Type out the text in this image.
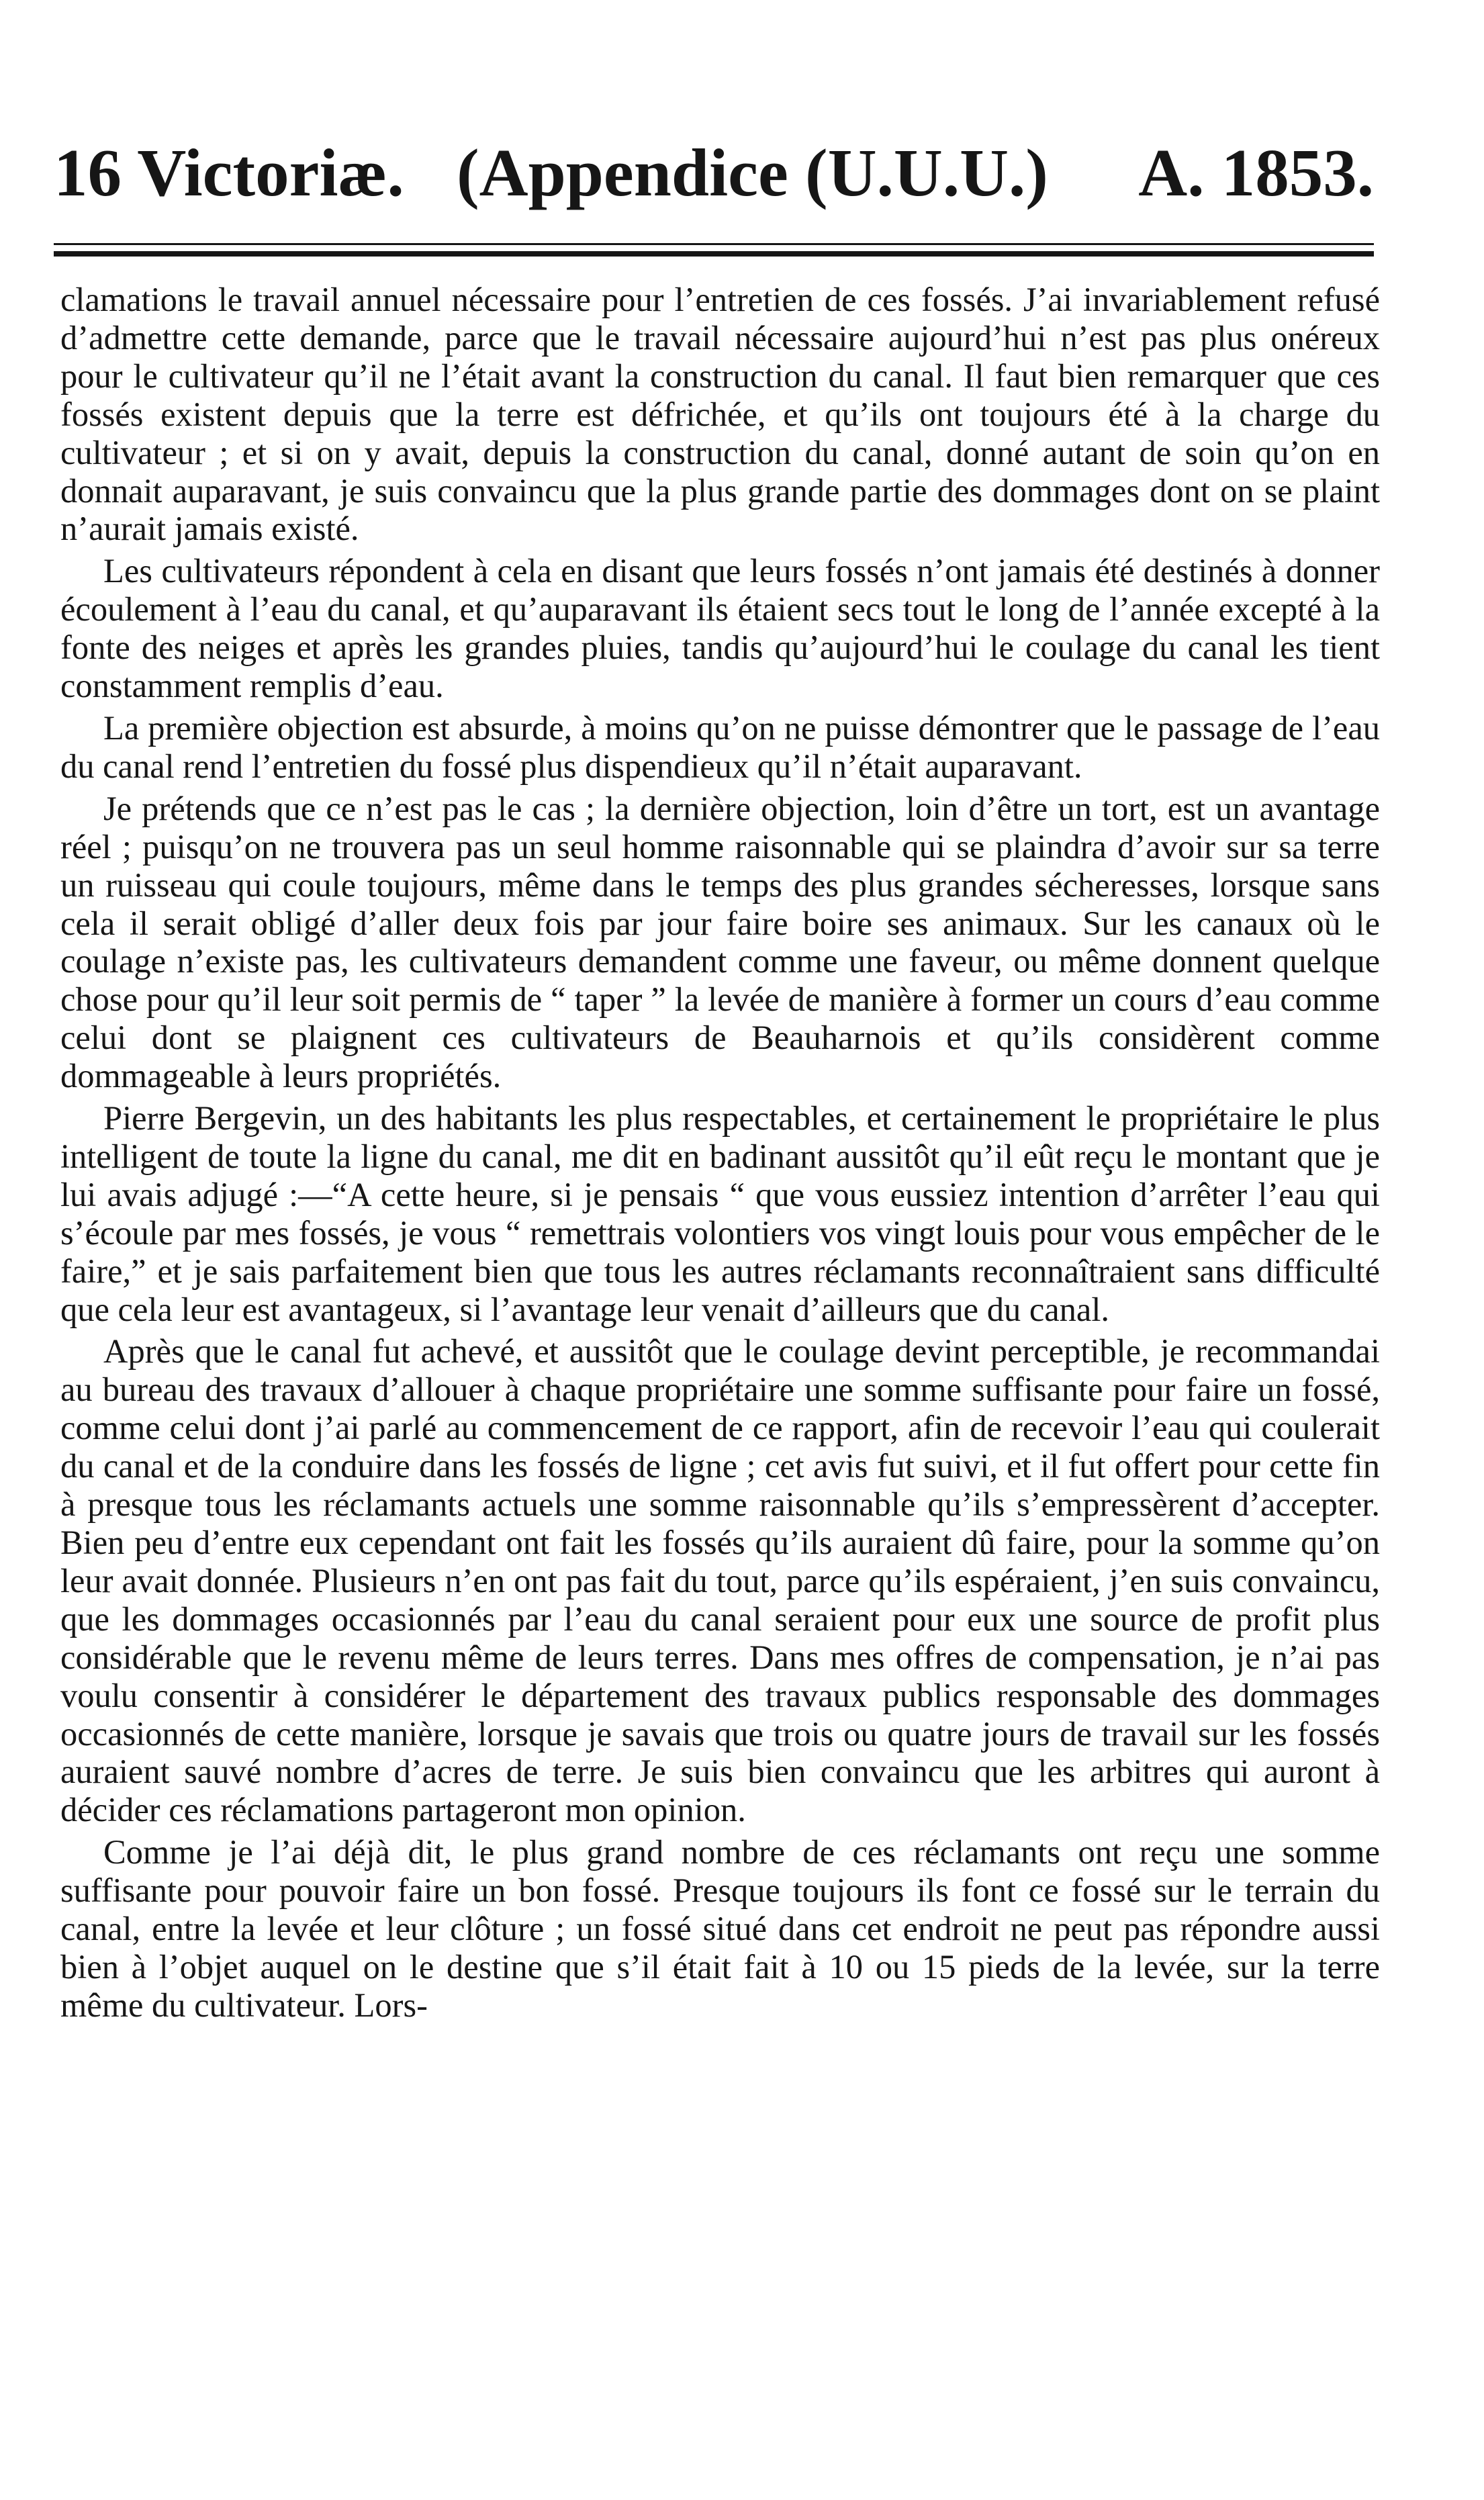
16 Victoriæ. (Appendice (U.U.U.) A. 1853.

clamations le travail annuel nécessaire pour l’entretien de ces fossés. J’ai invariablement refusé d’admettre cette demande, parce que le travail nécessaire aujourd’hui n’est pas plus onéreux pour le cultivateur qu’il ne l’était avant la construction du canal. Il faut bien remarquer que ces fossés existent depuis que la terre est défrichée, et qu’ils ont toujours été à la charge du cultivateur ; et si on y avait, depuis la construction du canal, donné autant de soin qu’on en donnait auparavant, je suis convaincu que la plus grande partie des dommages dont on se plaint n’aurait jamais existé.

Les cultivateurs répondent à cela en disant que leurs fossés n’ont jamais été destinés à donner écoulement à l’eau du canal, et qu’auparavant ils étaient secs tout le long de l’année excepté à la fonte des neiges et après les grandes pluies, tandis qu’aujourd’hui le coulage du canal les tient constamment remplis d’eau.

La première objection est absurde, à moins qu’on ne puisse démontrer que le passage de l’eau du canal rend l’entretien du fossé plus dispendieux qu’il n’était auparavant.

Je prétends que ce n’est pas le cas ; la dernière objection, loin d’être un tort, est un avantage réel ; puisqu’on ne trouvera pas un seul homme raisonnable qui se plaindra d’avoir sur sa terre un ruisseau qui coule toujours, même dans le temps des plus grandes sécheresses, lorsque sans cela il serait obligé d’aller deux fois par jour faire boire ses animaux. Sur les canaux où le coulage n’existe pas, les cultivateurs demandent comme une faveur, ou même donnent quelque chose pour qu’il leur soit permis de “ taper ” la levée de manière à former un cours d’eau comme celui dont se plaignent ces cultivateurs de Beauharnois et qu’ils considèrent comme dommageable à leurs propriétés.

Pierre Bergevin, un des habitants les plus respectables, et certainement le propriétaire le plus intelligent de toute la ligne du canal, me dit en badinant aussitôt qu’il eût reçu le montant que je lui avais adjugé :—“A cette heure, si je pensais “ que vous eussiez intention d’arrêter l’eau qui s’écoule par mes fossés, je vous “ remettrais volontiers vos vingt louis pour vous empêcher de le faire,” et je sais parfaitement bien que tous les autres réclamants reconnaîtraient sans difficulté que cela leur est avantageux, si l’avantage leur venait d’ailleurs que du canal.

Après que le canal fut achevé, et aussitôt que le coulage devint perceptible, je recommandai au bureau des travaux d’allouer à chaque propriétaire une somme suffisante pour faire un fossé, comme celui dont j’ai parlé au commencement de ce rapport, afin de recevoir l’eau qui coulerait du canal et de la conduire dans les fossés de ligne ; cet avis fut suivi, et il fut offert pour cette fin à presque tous les réclamants actuels une somme raisonnable qu’ils s’empressèrent d’accepter. Bien peu d’entre eux cependant ont fait les fossés qu’ils auraient dû faire, pour la somme qu’on leur avait donnée. Plusieurs n’en ont pas fait du tout, parce qu’ils espéraient, j’en suis convaincu, que les dommages occasionnés par l’eau du canal seraient pour eux une source de profit plus considérable que le revenu même de leurs terres. Dans mes offres de compensation, je n’ai pas voulu consentir à considérer le département des travaux publics responsable des dommages occasionnés de cette manière, lorsque je savais que trois ou quatre jours de travail sur les fossés auraient sauvé nombre d’acres de terre. Je suis bien convaincu que les arbitres qui auront à décider ces réclamations partageront mon opinion.

Comme je l’ai déjà dit, le plus grand nombre de ces réclamants ont reçu une somme suffisante pour pouvoir faire un bon fossé. Presque toujours ils font ce fossé sur le terrain du canal, entre la levée et leur clôture ; un fossé situé dans cet endroit ne peut pas répondre aussi bien à l’objet auquel on le destine que s’il était fait à 10 ou 15 pieds de la levée, sur la terre même du cultivateur. Lors-
